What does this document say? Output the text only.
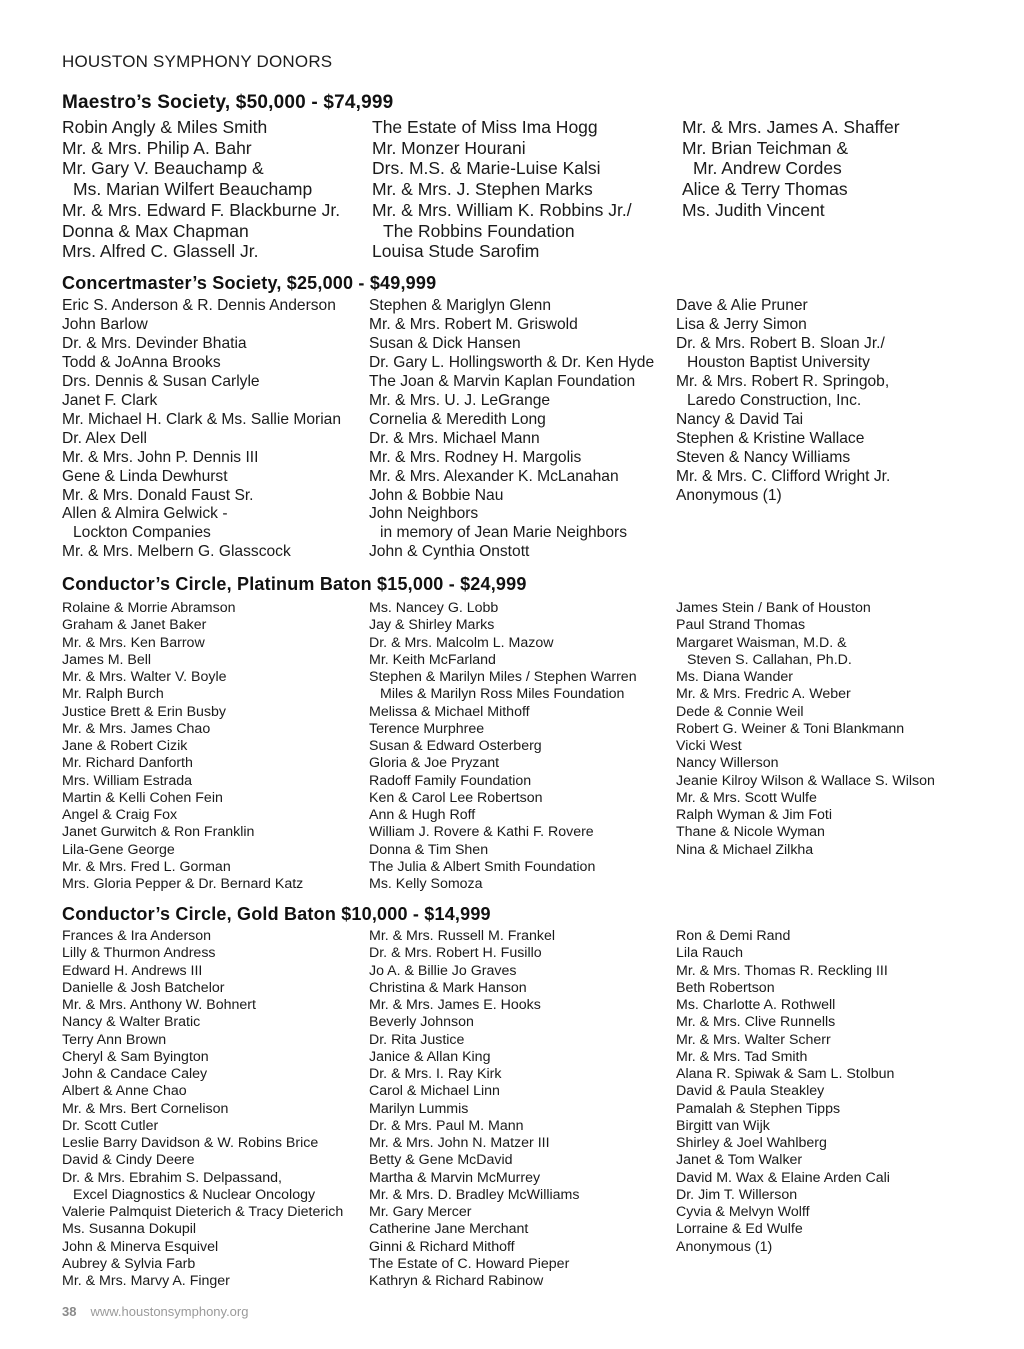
HOUSTON SYMPHONY DONORS
Maestro’s Society, $50,000 - $74,999
Robin Angly & Miles Smith
Mr. & Mrs. Philip A. Bahr
Mr. Gary V. Beauchamp &
Ms. Marian Wilfert Beauchamp
Mr. & Mrs. Edward F. Blackburne Jr.
Donna & Max Chapman
Mrs. Alfred C. Glassell Jr.
The Estate of Miss Ima Hogg
Mr. Monzer Hourani
Drs. M.S. & Marie-Luise Kalsi
Mr. & Mrs. J. Stephen Marks
Mr. & Mrs. William K. Robbins Jr./
The Robbins Foundation
Louisa Stude Sarofim
Mr. & Mrs. James A. Shaffer
Mr. Brian Teichman &
Mr. Andrew Cordes
Alice & Terry Thomas
Ms. Judith Vincent
Concertmaster’s Society, $25,000 - $49,999
Eric S. Anderson & R. Dennis Anderson
John Barlow
Dr. & Mrs. Devinder Bhatia
Todd & JoAnna Brooks
Drs. Dennis & Susan Carlyle
Janet F. Clark
Mr. Michael H. Clark & Ms. Sallie Morian
Dr. Alex Dell
Mr. & Mrs. John P. Dennis III
Gene & Linda Dewhurst
Mr. & Mrs. Donald Faust Sr.
Allen & Almira Gelwick -
Lockton Companies
Mr. & Mrs. Melbern G. Glasscock
Stephen & Mariglyn Glenn
Mr. & Mrs. Robert M. Griswold
Susan & Dick Hansen
Dr. Gary L. Hollingsworth & Dr. Ken Hyde
The Joan & Marvin Kaplan Foundation
Mr. & Mrs. U. J. LeGrange
Cornelia & Meredith Long
Dr. & Mrs. Michael Mann
Mr. & Mrs. Rodney H. Margolis
Mr. & Mrs. Alexander K. McLanahan
John & Bobbie Nau
John Neighbors
in memory of Jean Marie Neighbors
John & Cynthia Onstott
Dave & Alie Pruner
Lisa & Jerry Simon
Dr. & Mrs. Robert B. Sloan Jr./
Houston Baptist University
Mr. & Mrs. Robert R. Springob,
Laredo Construction, Inc.
Nancy & David Tai
Stephen & Kristine Wallace
Steven & Nancy Williams
Mr. & Mrs. C. Clifford Wright Jr.
Anonymous (1)
Conductor’s Circle, Platinum Baton $15,000 - $24,999
Rolaine & Morrie Abramson
Graham & Janet Baker
Mr. & Mrs. Ken Barrow
James M. Bell
Mr. & Mrs. Walter V. Boyle
Mr. Ralph Burch
Justice Brett & Erin Busby
Mr. & Mrs. James Chao
Jane & Robert Cizik
Mr. Richard Danforth
Mrs. William Estrada
Martin & Kelli Cohen Fein
Angel & Craig Fox
Janet Gurwitch & Ron Franklin
Lila-Gene George
Mr. & Mrs. Fred L. Gorman
Mrs. Gloria Pepper & Dr. Bernard Katz
Ms. Nancey G. Lobb
Jay & Shirley Marks
Dr. & Mrs. Malcolm L. Mazow
Mr. Keith McFarland
Stephen & Marilyn Miles / Stephen Warren
Miles & Marilyn Ross Miles Foundation
Melissa & Michael Mithoff
Terence Murphree
Susan & Edward Osterberg
Gloria & Joe Pryzant
Radoff Family Foundation
Ken & Carol Lee Robertson
Ann & Hugh Roff
William J. Rovere & Kathi F. Rovere
Donna & Tim Shen
The Julia & Albert Smith Foundation
Ms. Kelly Somoza
James Stein / Bank of Houston
Paul Strand Thomas
Margaret Waisman, M.D. &
Steven S. Callahan, Ph.D.
Ms. Diana Wander
Mr. & Mrs. Fredric A. Weber
Dede & Connie Weil
Robert G. Weiner & Toni Blankmann
Vicki West
Nancy Willerson
Jeanie Kilroy Wilson & Wallace S. Wilson
Mr. & Mrs. Scott Wulfe
Ralph Wyman & Jim Foti
Thane & Nicole Wyman
Nina & Michael Zilkha
Conductor’s Circle, Gold Baton $10,000 - $14,999
Frances & Ira Anderson
Lilly & Thurmon Andress
Edward H. Andrews III
Danielle & Josh Batchelor
Mr. & Mrs. Anthony W. Bohnert
Nancy & Walter Bratic
Terry Ann Brown
Cheryl & Sam Byington
John & Candace Caley
Albert & Anne Chao
Mr. & Mrs. Bert Cornelison
Dr. Scott Cutler
Leslie Barry Davidson & W. Robins Brice
David & Cindy Deere
Dr. & Mrs. Ebrahim S. Delpassand,
Excel Diagnostics & Nuclear Oncology
Valerie Palmquist Dieterich & Tracy Dieterich
Ms. Susanna Dokupil
John & Minerva Esquivel
Aubrey & Sylvia Farb
Mr. & Mrs. Marvy A. Finger
Mr. & Mrs. Russell M. Frankel
Dr. & Mrs. Robert H. Fusillo
Jo A. & Billie Jo Graves
Christina & Mark Hanson
Mr. & Mrs. James E. Hooks
Beverly Johnson
Dr. Rita Justice
Janice & Allan King
Dr. & Mrs. I. Ray Kirk
Carol & Michael Linn
Marilyn Lummis
Dr. & Mrs. Paul M. Mann
Mr. & Mrs. John N. Matzer III
Betty & Gene McDavid
Martha & Marvin McMurrey
Mr. & Mrs. D. Bradley McWilliams
Mr. Gary Mercer
Catherine Jane Merchant
Ginni & Richard Mithoff
The Estate of C. Howard Pieper
Kathryn & Richard Rabinow
Ron & Demi Rand
Lila Rauch
Mr. & Mrs. Thomas R. Reckling III
Beth Robertson
Ms. Charlotte A. Rothwell
Mr. & Mrs. Clive Runnells
Mr. & Mrs. Walter Scherr
Mr. & Mrs. Tad Smith
Alana R. Spiwak & Sam L. Stolbun
David & Paula Steakley
Pamalah & Stephen Tipps
Birgitt van Wijk
Shirley & Joel Wahlberg
Janet & Tom Walker
David M. Wax & Elaine Arden Cali
Dr. Jim T. Willerson
Cyvia & Melvyn Wolff
Lorraine & Ed Wulfe
Anonymous (1)
38 www.houstonsymphony.org
